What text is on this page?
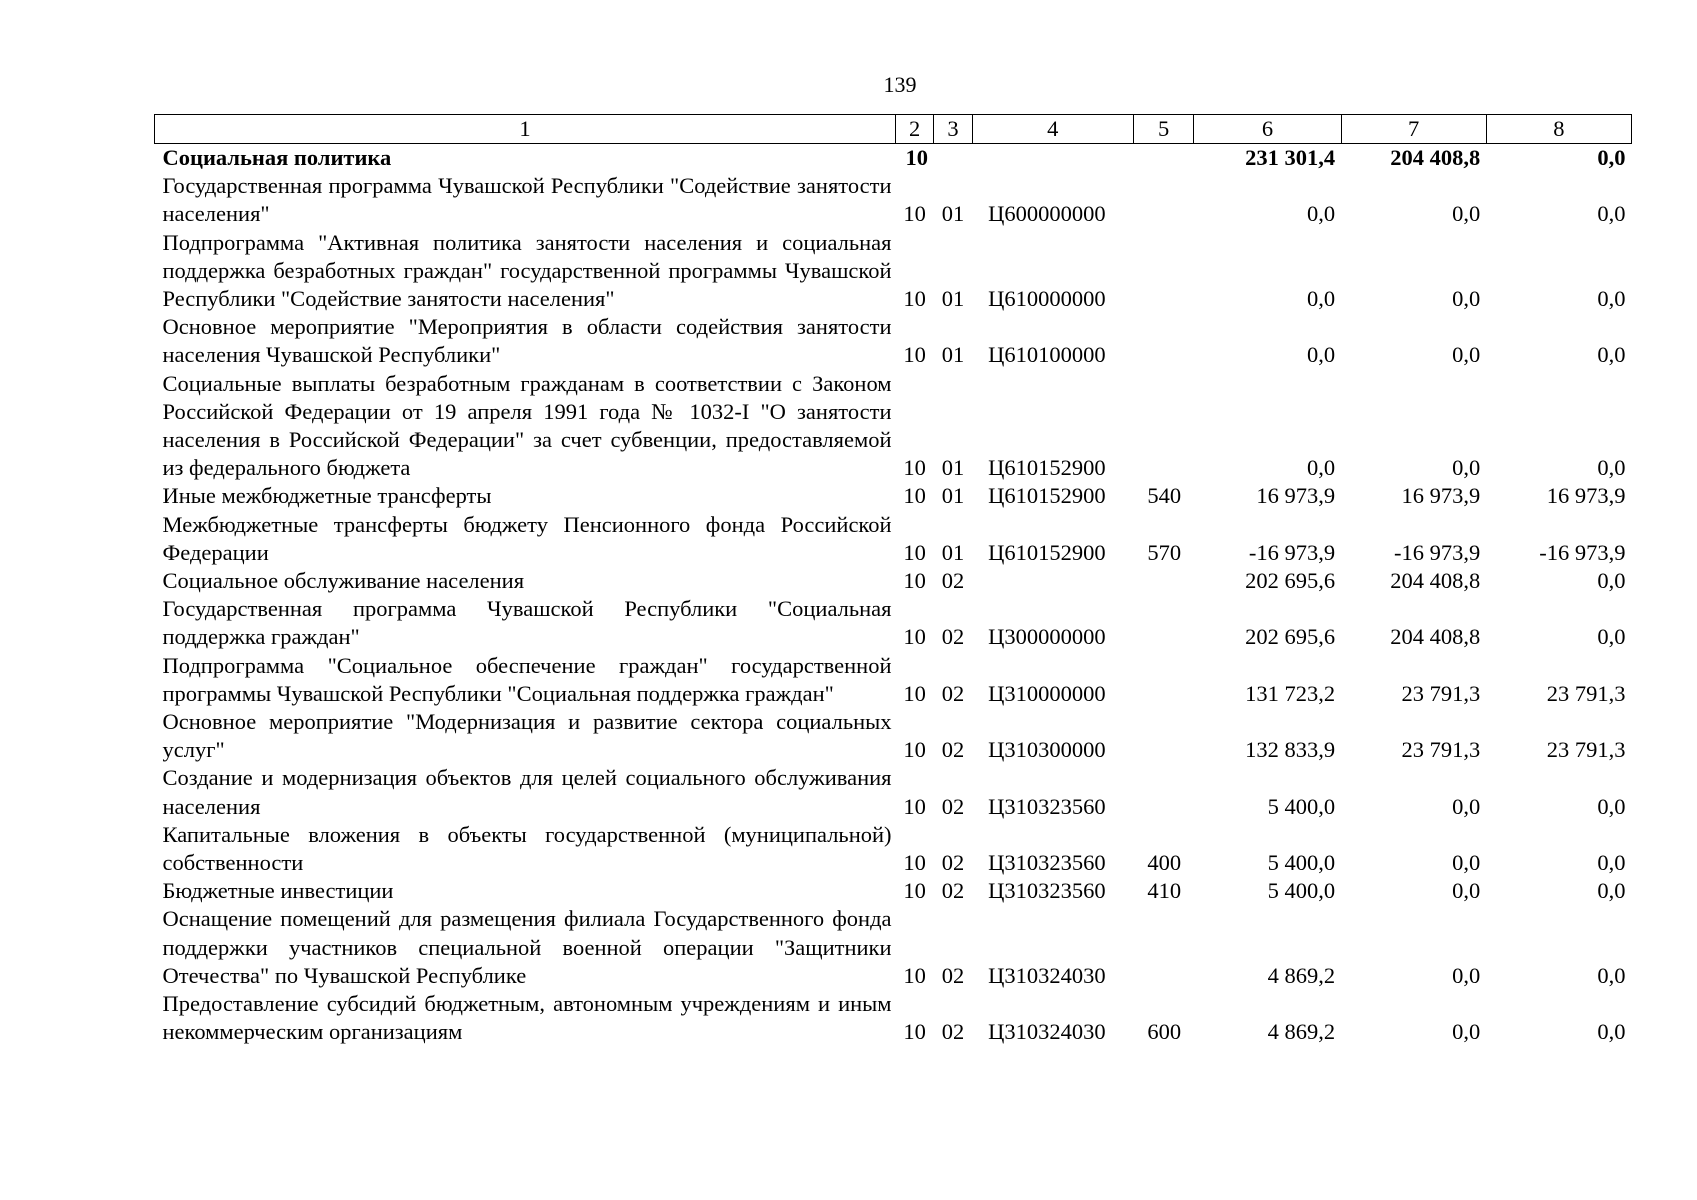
139
1	2	3	4	5	6	7	8
Социальная политика	10				231 301,4	204 408,8	0,0
Государственная программа Чувашской Республики "Содействие занятости населения"	10	01	Ц600000000		0,0	0,0	0,0
Подпрограмма "Активная политика занятости населения и социальная поддержка безработных граждан" государственной программы Чувашской Республики "Содействие занятости населения"	10	01	Ц610000000		0,0	0,0	0,0
Основное мероприятие "Мероприятия в области содействия занятости населения Чувашской Республики"	10	01	Ц610100000		0,0	0,0	0,0
Социальные выплаты безработным гражданам в соответствии с Законом Российской Федерации от 19 апреля 1991 года № 1032-I "О занятости населения в Российской Федерации" за счет субвенции, предоставляемой из федерального бюджета	10	01	Ц610152900		0,0	0,0	0,0
Иные межбюджетные трансферты	10	01	Ц610152900	540	16 973,9	16 973,9	16 973,9
Межбюджетные трансферты бюджету Пенсионного фонда Российской Федерации	10	01	Ц610152900	570	-16 973,9	-16 973,9	-16 973,9
Социальное обслуживание населения	10	02			202 695,6	204 408,8	0,0
Государственная программа Чувашской Республики "Социальная поддержка граждан"	10	02	Ц300000000		202 695,6	204 408,8	0,0
Подпрограмма "Социальное обеспечение граждан" государственной программы Чувашской Республики "Социальная поддержка граждан"	10	02	Ц310000000		131 723,2	23 791,3	23 791,3
Основное мероприятие "Модернизация и развитие сектора социальных услуг"	10	02	Ц310300000		132 833,9	23 791,3	23 791,3
Создание и модернизация объектов для целей социального обслуживания населения	10	02	Ц310323560		5 400,0	0,0	0,0
Капитальные вложения в объекты государственной (муниципальной) собственности	10	02	Ц310323560	400	5 400,0	0,0	0,0
Бюджетные инвестиции	10	02	Ц310323560	410	5 400,0	0,0	0,0
Оснащение помещений для размещения филиала Государственного фонда поддержки участников специальной военной операции "Защитники Отечества" по Чувашской Республике	10	02	Ц310324030		4 869,2	0,0	0,0
Предоставление субсидий бюджетным, автономным учреждениям и иным некоммерческим организациям	10	02	Ц310324030	600	4 869,2	0,0	0,0
